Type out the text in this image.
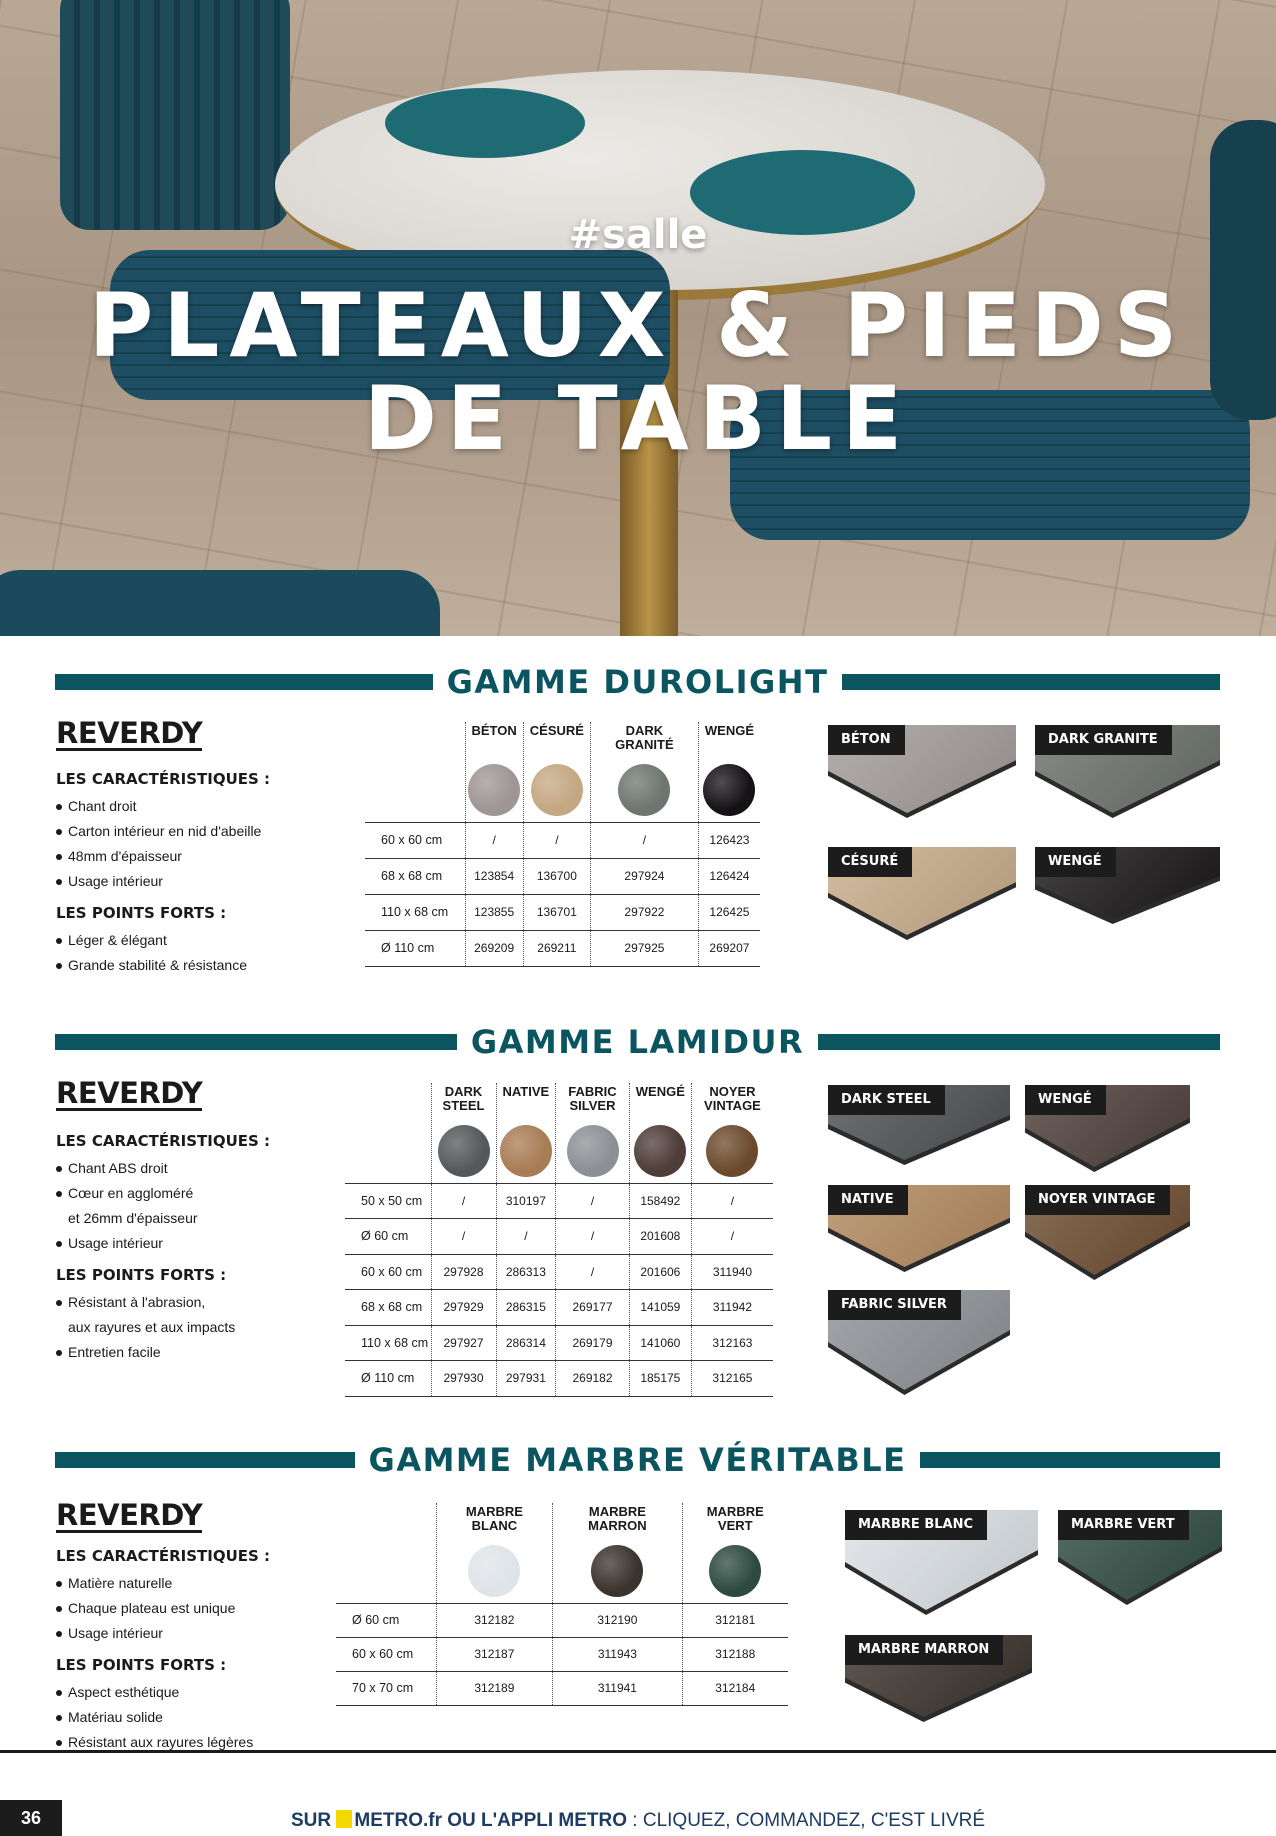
#salle
PLATEAUX & PIEDS
DE TABLE
GAMME DUROLIGHT
REVERDY
LES CARACTÉRISTIQUES :
Chant droit
Carton intérieur en nid d'abeille
48mm d'épaisseur
Usage intérieur
LES POINTS FORTS :
Léger & élégant
Grande stabilité & résistance

	BÉTON	CÉSURÉ	DARK GRANITÉ	WENGÉ

60 x 60 cm	/	/	/	126423
68 x 68 cm	123854	136700	297924	126424
110 x 68 cm	123855	136701	297922	126425
Ø 110 cm	269209	269211	297925	269207
BÉTON	DARK GRANITE
CÉSURÉ	WENGÉ
GAMME LAMIDUR
REVERDY
LES CARACTÉRISTIQUES :
Chant ABS droit
Cœur en aggloméré
et 26mm d'épaisseur
Usage intérieur
LES POINTS FORTS :
Résistant à l'abrasion,
aux rayures et aux impacts
Entretien facile

	DARK STEEL	NATIVE	FABRIC SILVER	WENGÉ	NOYER VINTAGE

50 x 50 cm	/	310197	/	158492	/
Ø 60 cm	/	/	/	201608	/
60 x 60 cm	297928	286313	/	201606	311940
68 x 68 cm	297929	286315	269177	141059	311942
110 x 68 cm	297927	286314	269179	141060	312163
Ø 110 cm	297930	297931	269182	185175	312165
DARK STEEL	WENGÉ
NATIVE	NOYER VINTAGE
FABRIC SILVER
GAMME MARBRE VÉRITABLE
REVERDY
LES CARACTÉRISTIQUES :
Matière naturelle
Chaque plateau est unique
Usage intérieur
LES POINTS FORTS :
Aspect esthétique
Matériau solide
Résistant aux rayures légères

	MARBRE BLANC	MARBRE MARRON	MARBRE VERT

Ø 60 cm	312182	312190	312181
60 x 60 cm	312187	311943	312188
70 x 70 cm	312189	311941	312184
MARBRE BLANC	MARBRE VERT
MARBRE MARRON
36	SUR METRO.fr OU L'APPLI METRO : CLIQUEZ, COMMANDEZ, C'EST LIVRÉ
